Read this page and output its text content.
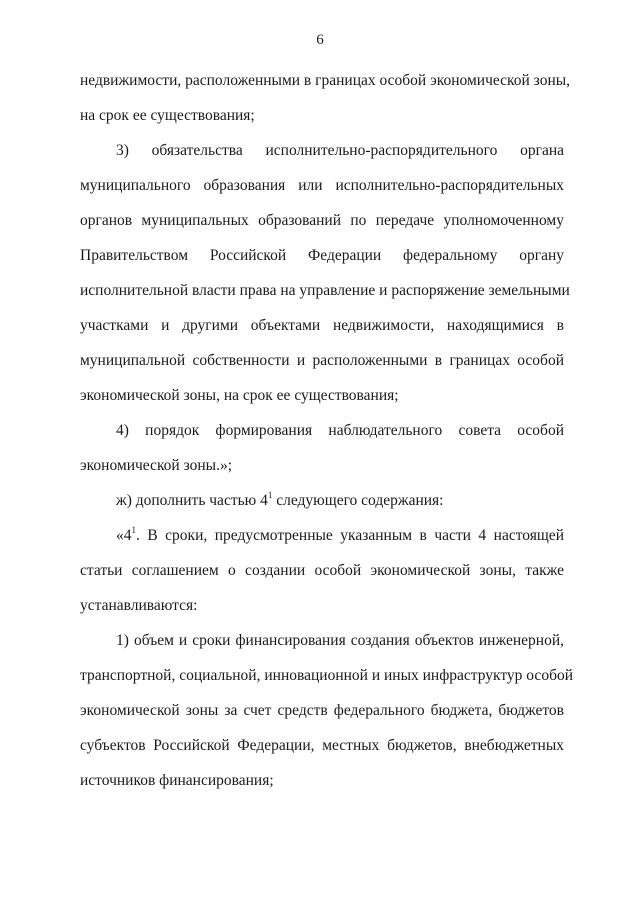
6
недвижимости, расположенными в границах особой экономической зоны,
на срок ее существования;
3) обязательства исполнительно-распорядительного органа
муниципального образования или исполнительно-распорядительных
органов муниципальных образований по передаче уполномоченному
Правительством Российской Федерации федеральному органу
исполнительной власти права на управление и распоряжение земельными
участками и другими объектами недвижимости, находящимися в
муниципальной собственности и расположенными в границах особой
экономической зоны, на срок ее существования;
4) порядок формирования наблюдательного совета особой
экономической зоны.»;
ж) дополнить частью $4^1$ следующего содержания:
«$4^1$. В сроки, предусмотренные указанным в части 4 настоящей
статьи соглашением о создании особой экономической зоны, также
устанавливаются:
1) объем и сроки финансирования создания объектов инженерной,
транспортной, социальной, инновационной и иных инфраструктур особой
экономической зоны за счет средств федерального бюджета, бюджетов
субъектов Российской Федерации, местных бюджетов, внебюджетных
источников финансирования;
